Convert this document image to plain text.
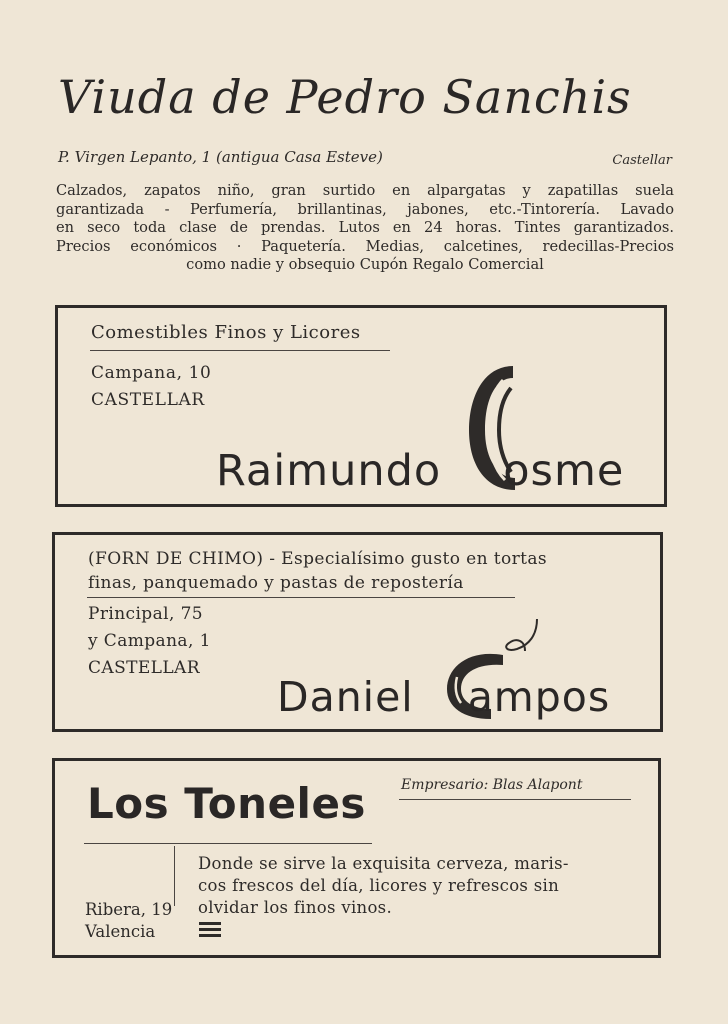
Viuda de Pedro Sanchis
P. Virgen Lepanto, 1 (antigua Casa Esteve)	Castellar
Calzados, zapatos niño, gran surtido en alpargatas y zapatillas suela
garantizada - Perfumería, brillantinas, jabones, etc.-Tintorería. Lavado
en seco toda clase de prendas. Lutos en 24 horas. Tintes garantizados.
Precios económicos · Paquetería. Medias, calcetines, redecillas-Precios
como nadie y obsequio Cupón Regalo Comercial
Comestibles Finos y Licores
Campana, 10
CASTELLAR
Raimundo osme
(FORN DE CHIMO) - Especialísimo gusto en tortas
finas, panquemado y pastas de repostería
Principal, 75
y Campana, 1
CASTELLAR
Daniel ampos
Los Toneles	Empresario: Blas Alapont
Donde se sirve la exquisita cerveza, maris-
cos frescos del día, licores y refrescos sin
olvidar los finos vinos.
Ribera, 19
Valencia
